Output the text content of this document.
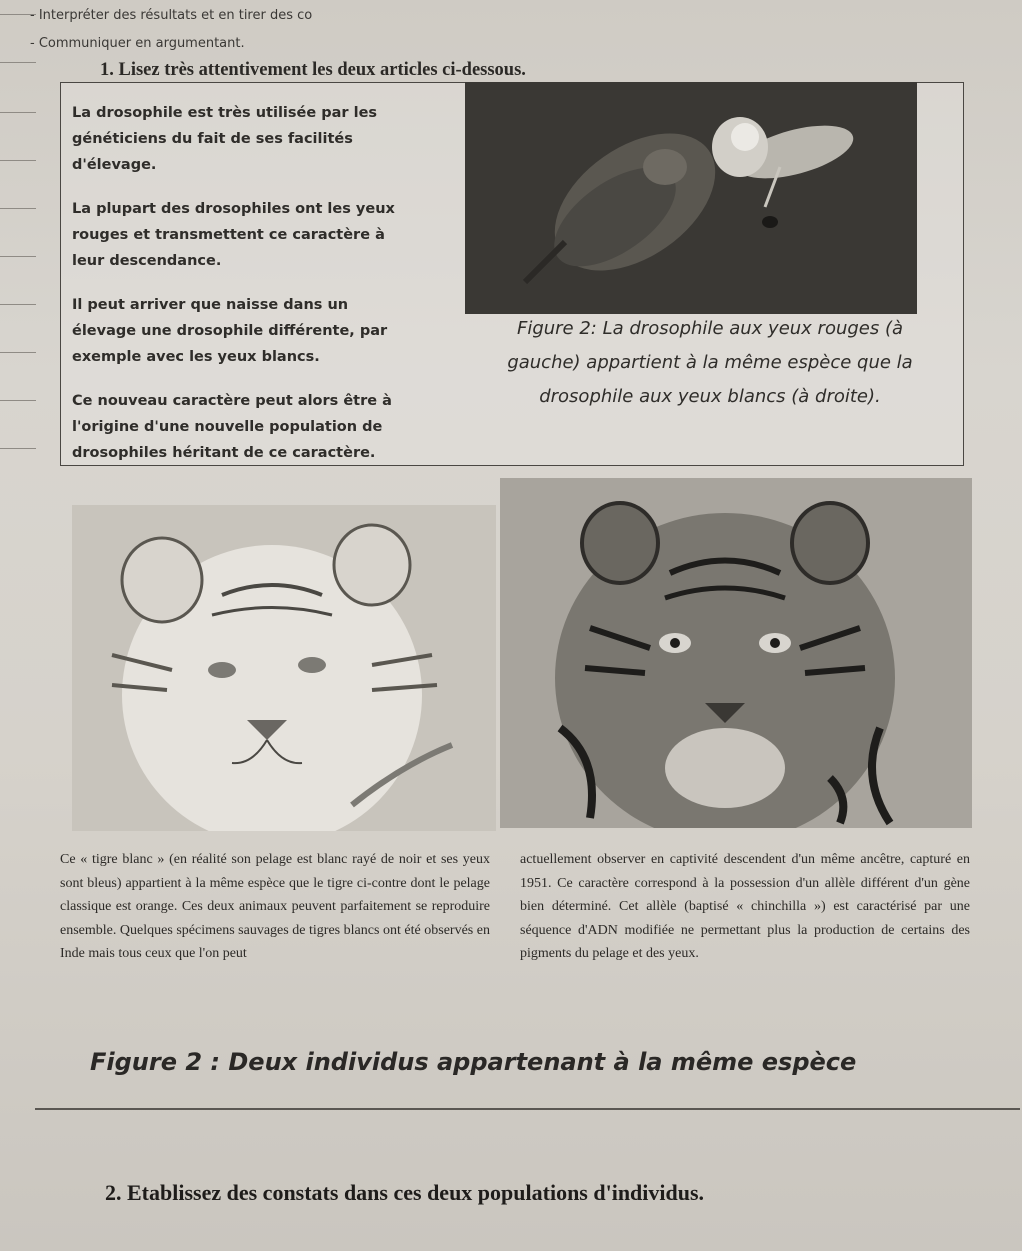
- Interpréter des résultats et en tirer des co
- Communiquer en argumentant.
1. Lisez très attentivement les deux articles ci-dessous.

La drosophile est très utilisée par les généticiens du fait de ses facilités d'élevage.

La plupart des drosophiles ont les yeux rouges et transmettent ce caractère à leur descendance.

Il peut arriver que naisse dans un élevage une drosophile différente, par exemple avec les yeux blancs.

Ce nouveau caractère peut alors être à l'origine d'une nouvelle population de drosophiles héritant de ce caractère.

Figure 2: La drosophile aux yeux rouges (à gauche) appartient à la même espèce que la drosophile aux yeux blancs (à droite).
Ce « tigre blanc » (en réalité son pelage est blanc rayé de noir et ses yeux sont bleus) appartient à la même espèce que le tigre ci-contre dont le pelage classique est orange. Ces deux animaux peuvent parfaitement se reproduire ensemble. Quelques spécimens sauvages de tigres blancs ont été observés en Inde mais tous ceux que l'on peut
actuellement observer en captivité descendent d'un même ancêtre, capturé en 1951. Ce caractère correspond à la possession d'un allèle différent d'un gène bien déterminé. Cet allèle (baptisé « chinchilla ») est caractérisé par une séquence d'ADN modifiée ne permettant plus la production de certains des pigments du pelage et des yeux.
Figure 2 : Deux individus appartenant à la même espèce
2. Etablissez des constats dans ces deux populations d'individus.
